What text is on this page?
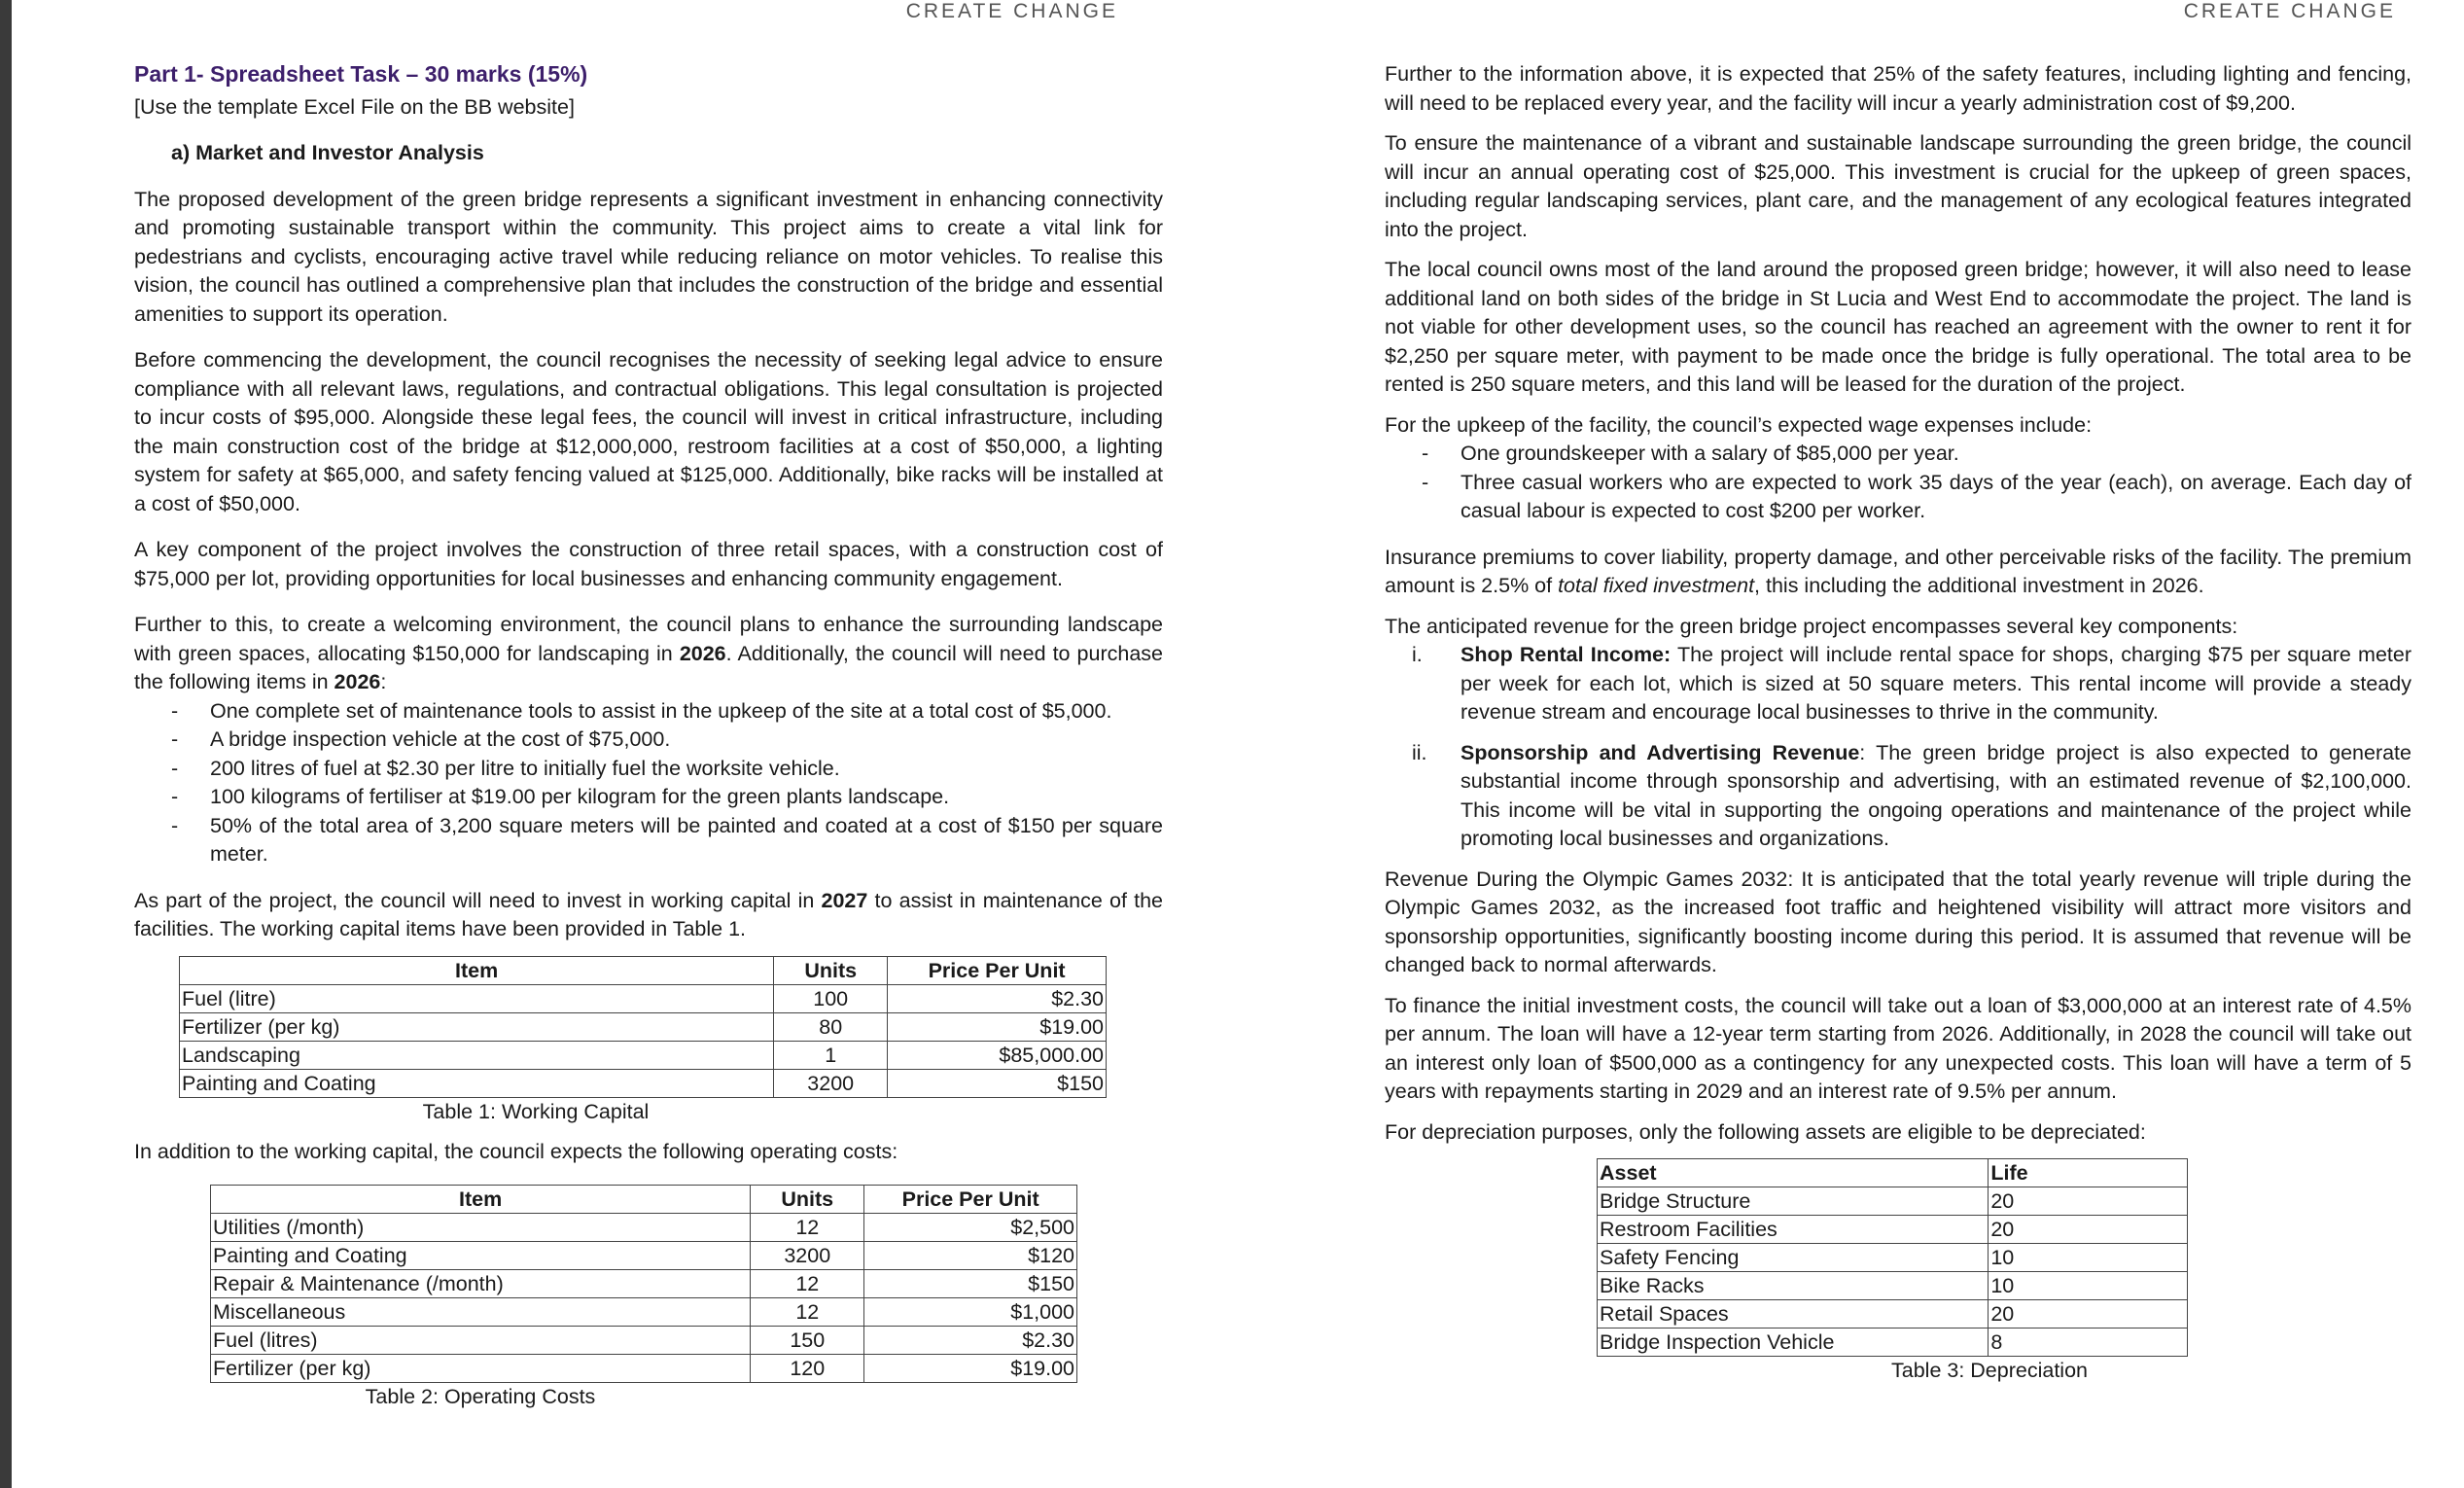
CREATE CHANGE

Part 1- Spreadsheet Task – 30 marks (15%)

[Use the template Excel File on the BB website]

a) Market and Investor Analysis

The proposed development of the green bridge represents a significant investment in enhancing connectivity and promoting sustainable transport within the community. This project aims to create a vital link for pedestrians and cyclists, encouraging active travel while reducing reliance on motor vehicles. To realise this vision, the council has outlined a comprehensive plan that includes the construction of the bridge and essential amenities to support its operation.

Before commencing the development, the council recognises the necessity of seeking legal advice to ensure compliance with all relevant laws, regulations, and contractual obligations. This legal consultation is projected to incur costs of $95,000. Alongside these legal fees, the council will invest in critical infrastructure, including the main construction cost of the bridge at $12,000,000, restroom facilities at a cost of $50,000, a lighting system for safety at $65,000, and safety fencing valued at $125,000. Additionally, bike racks will be installed at a cost of $50,000.

A key component of the project involves the construction of three retail spaces, with a construction cost of $75,000 per lot, providing opportunities for local businesses and enhancing community engagement.

Further to this, to create a welcoming environment, the council plans to enhance the surrounding landscape with green spaces, allocating $150,000 for landscaping in 2026. Additionally, the council will need to purchase the following items in 2026:

- One complete set of maintenance tools to assist in the upkeep of the site at a total cost of $5,000.
- A bridge inspection vehicle at the cost of $75,000.
- 200 litres of fuel at $2.30 per litre to initially fuel the worksite vehicle.
- 100 kilograms of fertiliser at $19.00 per kilogram for the green plants landscape.
- 50% of the total area of 3,200 square meters will be painted and coated at a cost of $150 per square meter.

As part of the project, the council will need to invest in working capital in 2027 to assist in maintenance of the facilities. The working capital items have been provided in Table 1.

Item	Units	Price Per Unit
Fuel (litre)	100	$2.30
Fertilizer (per kg)	80	$19.00
Landscaping	1	$85,000.00
Painting and Coating	3200	$150
Table 1: Working Capital

In addition to the working capital, the council expects the following operating costs:

Item	Units	Price Per Unit
Utilities (/month)	12	$2,500
Painting and Coating	3200	$120
Repair & Maintenance (/month)	12	$150
Miscellaneous	12	$1,000
Fuel (litres)	150	$2.30
Fertilizer (per kg)	120	$19.00
Table 2: Operating Costs
CREATE CHANGE

Further to the information above, it is expected that 25% of the safety features, including lighting and fencing, will need to be replaced every year, and the facility will incur a yearly administration cost of $9,200.

To ensure the maintenance of a vibrant and sustainable landscape surrounding the green bridge, the council will incur an annual operating cost of $25,000. This investment is crucial for the upkeep of green spaces, including regular landscaping services, plant care, and the management of any ecological features integrated into the project.

The local council owns most of the land around the proposed green bridge; however, it will also need to lease additional land on both sides of the bridge in St Lucia and West End to accommodate the project. The land is not viable for other development uses, so the council has reached an agreement with the owner to rent it for $2,250 per square meter, with payment to be made once the bridge is fully operational. The total area to be rented is 250 square meters, and this land will be leased for the duration of the project.

For the upkeep of the facility, the council’s expected wage expenses include:

- One groundskeeper with a salary of $85,000 per year.
- Three casual workers who are expected to work 35 days of the year (each), on average. Each day of casual labour is expected to cost $200 per worker.

Insurance premiums to cover liability, property damage, and other perceivable risks of the facility. The premium amount is 2.5% of total fixed investment, this including the additional investment in 2026.

The anticipated revenue for the green bridge project encompasses several key components:

i. Shop Rental Income: The project will include rental space for shops, charging $75 per square meter per week for each lot, which is sized at 50 square meters. This rental income will provide a steady revenue stream and encourage local businesses to thrive in the community.
ii. Sponsorship and Advertising Revenue: The green bridge project is also expected to generate substantial income through sponsorship and advertising, with an estimated revenue of $2,100,000. This income will be vital in supporting the ongoing operations and maintenance of the project while promoting local businesses and organizations.

Revenue During the Olympic Games 2032: It is anticipated that the total yearly revenue will triple during the Olympic Games 2032, as the increased foot traffic and heightened visibility will attract more visitors and sponsorship opportunities, significantly boosting income during this period. It is assumed that revenue will be changed back to normal afterwards.

To finance the initial investment costs, the council will take out a loan of $3,000,000 at an interest rate of 4.5% per annum. The loan will have a 12-year term starting from 2026. Additionally, in 2028 the council will take out an interest only loan of $500,000 as a contingency for any unexpected costs. This loan will have a term of 5 years with repayments starting in 2029 and an interest rate of 9.5% per annum.

For depreciation purposes, only the following assets are eligible to be depreciated:

Asset	Life
Bridge Structure	20
Restroom Facilities	20
Safety Fencing	10
Bike Racks	10
Retail Spaces	20
Bridge Inspection Vehicle	8
Table 3: Depreciation
